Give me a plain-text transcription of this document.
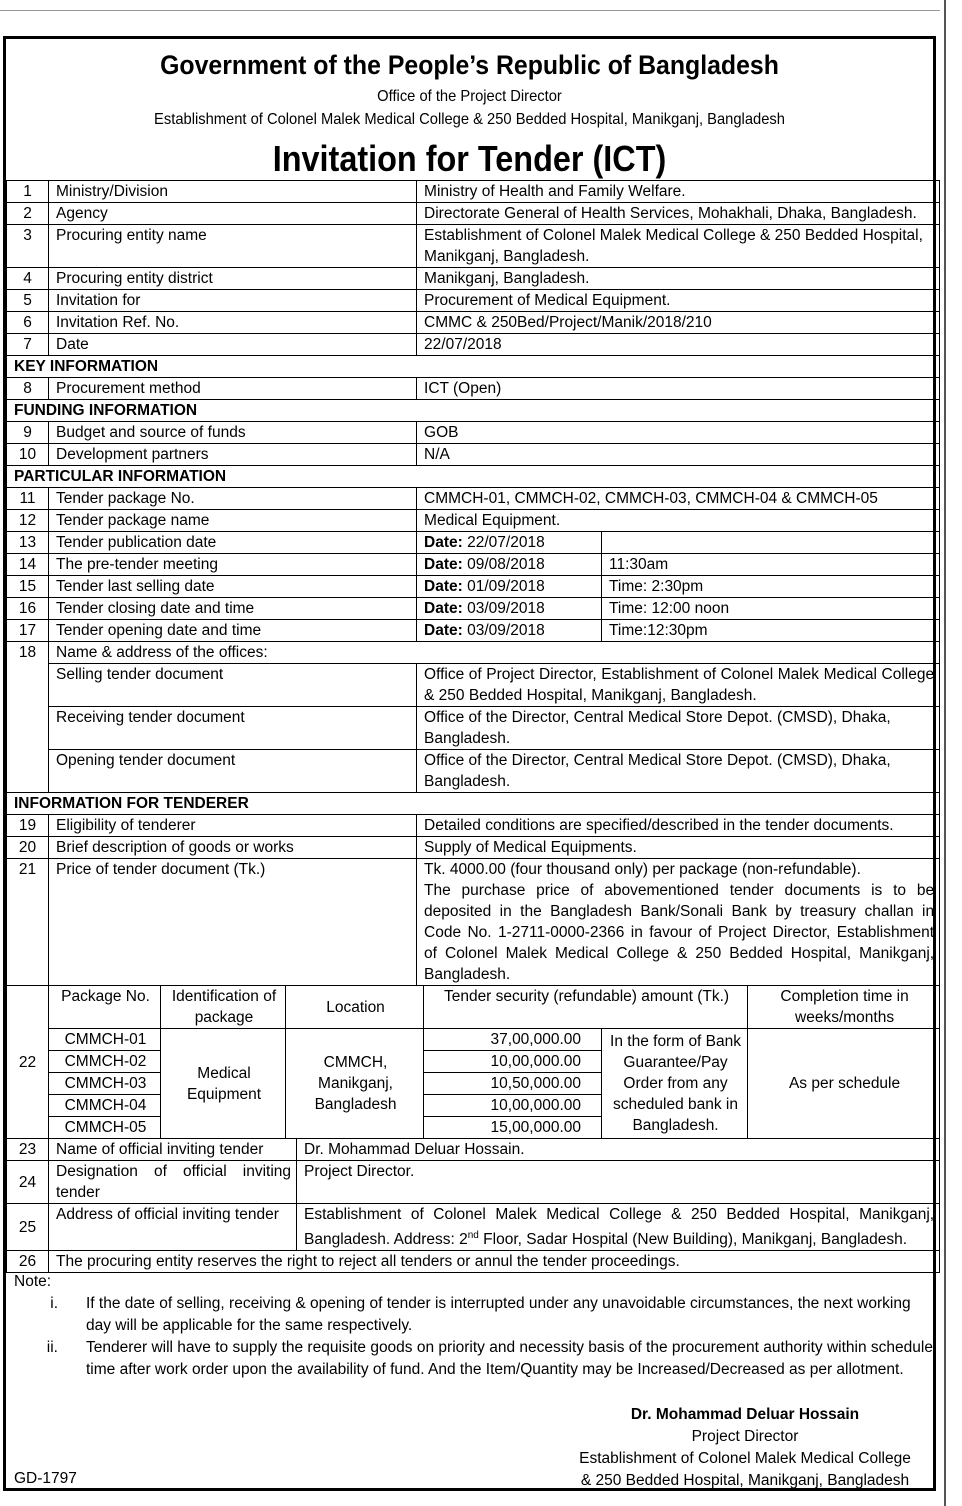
Government of the People’s Republic of Bangladesh
Office of the Project Director
Establishment of Colonel Malek Medical College & 250 Bedded Hospital, Manikganj, Bangladesh
Invitation for Tender (ICT)
1	Ministry/Division				Ministry of Health and Family Welfare.			
2	Agency				Directorate General of Health Services, Mohakhali, Dhaka, Bangladesh.			
3	Procuring entity name				Establishment of Colonel Malek Medical College & 250 Bedded Hospital, Manikganj, Bangladesh.			
4	Procuring entity district				Manikganj, Bangladesh.			
5	Invitation for				Procurement of Medical Equipment.			
6	Invitation Ref. No.				CMMC & 250Bed/Project/Manik/2018/210			
7	Date				22/07/2018			
KEY INFORMATION								
8	Procurement method				ICT (Open)			
FUNDING INFORMATION								
9	Budget and source of funds				GOB			
10	Development partners				N/A			
PARTICULAR INFORMATION								
11	Tender package No.				CMMCH-01, CMMCH-02, CMMCH-03, CMMCH-04 & CMMCH-05			
12	Tender package name				Medical Equipment.			
13	Tender publication date				Date: 22/07/2018			
14	The pre-tender meeting				Date: 09/08/2018		11:30am	
15	Tender last selling date				Date: 01/09/2018		Time: 2:30pm	
16	Tender closing date and time				Date: 03/09/2018		Time: 12:00 noon	
17	Tender opening date and time				Date: 03/09/2018		Time:12:30pm	
18	Name & address of the offices:							
	Selling tender document				Office of Project Director, Establishment of Colonel Malek Medical College & 250 Bedded Hospital, Manikganj, Bangladesh.			
	Receiving tender document				Office of the Director, Central Medical Store Depot. (CMSD), Dhaka, Bangladesh.			
	Opening tender document				Office of the Director, Central Medical Store Depot. (CMSD), Dhaka, Bangladesh.			
INFORMATION FOR TENDERER								
19	Eligibility of tenderer				Detailed conditions are specified/described in the tender documents.			
20	Brief description of goods or works				Supply of Medical Equipments.			
21	Price of tender document (Tk.)				Tk. 4000.00 (four thousand only) per package (non-refundable).
The purchase price of abovementioned tender documents is to be deposited in the Bangladesh Bank/Sonali Bank by treasury challan in Code No. 1-2711-0000-2366 in favour of Project Director, Establishment of Colonel Malek Medical College & 250 Bedded Hospital, Manikganj, Bangladesh.			

22	Package No.	Identification of package	Location			Tender security (refundable) amount (Tk.)		Completion time in weeks/months
	CMMCH-01	Medical Equipment	CMMCH, Manikganj, Bangladesh			37,00,000.00	In the form of Bank Guarantee/Pay Order from any scheduled bank in Bangladesh.	As per schedule
	CMMCH-02					10,00,000.00		
	CMMCH-03					10,50,000.00		
	CMMCH-04					10,00,000.00		
	CMMCH-05					15,00,000.00		
23	Name of official inviting tender			Dr. Mohammad Deluar Hossain.				
24	Designation of official inviting tender			Project Director.				
25	Address of official inviting tender			Establishment of Colonel Malek Medical College & 250 Bedded Hospital, Manikganj, Bangladesh. Address: 2nd Floor, Sadar Hospital (New Building), Manikganj, Bangladesh.				
26	The procuring entity reserves the right to reject all tenders or annul the tender proceedings.							
Note:
i.	If the date of selling, receiving & opening of tender is interrupted under any unavoidable circumstances, the next working day will be applicable for the same respectively.
ii.	Tenderer will have to supply the requisite goods on priority and necessity basis of the procurement authority within schedule time after work order upon the availability of fund. And the Item/Quantity may be Increased/Decreased as per allotment.
Dr. Mohammad Deluar Hossain
Project Director
Establishment of Colonel Malek Medical College
& 250 Bedded Hospital, Manikganj, Bangladesh
GD-1797
